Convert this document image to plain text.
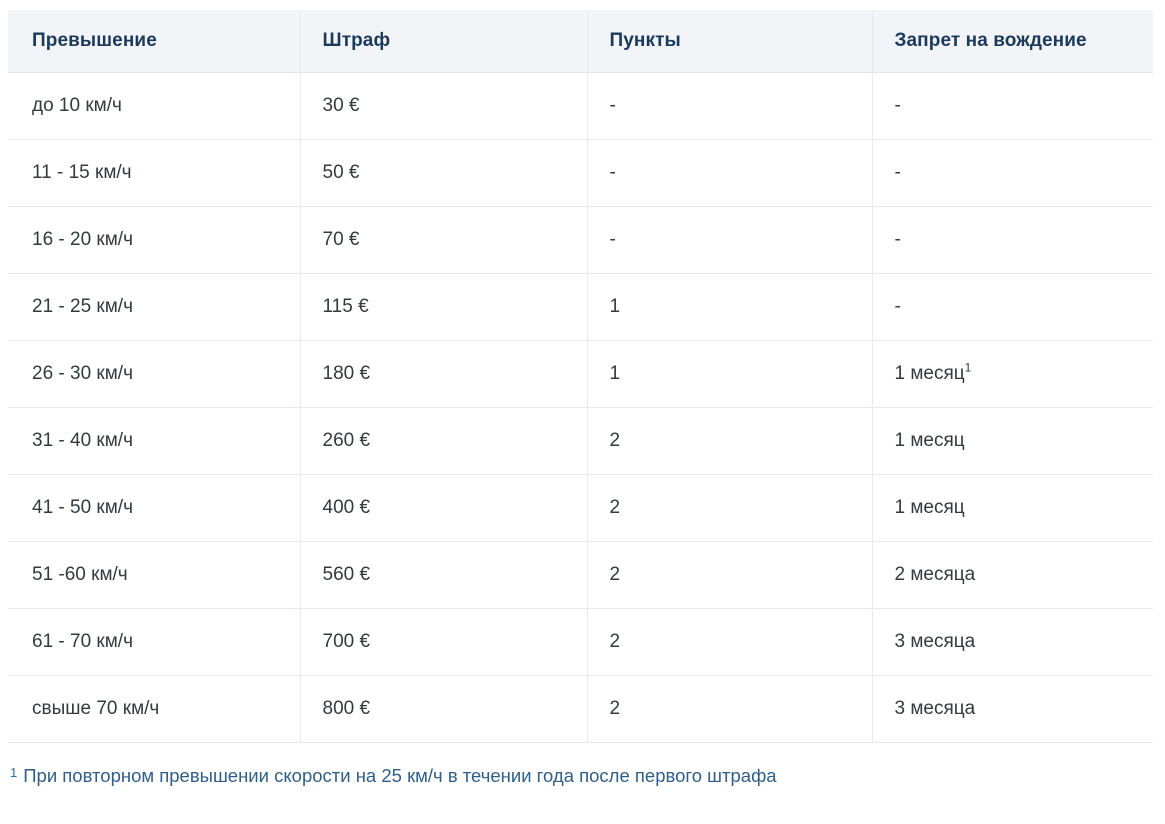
Превышение	Штраф	Пункты	Запрет на вождение
до 10 км/ч	30 €	-	-
11 - 15 км/ч	50 €	-	-
16 - 20 км/ч	70 €	-	-
21 - 25 км/ч	115 €	1	-
26 - 30 км/ч	180 €	1	1 месяц$^1$
31 - 40 км/ч	260 €	2	1 месяц
41 - 50 км/ч	400 €	2	1 месяц
51 -60 км/ч	560 €	2	2 месяца
61 - 70 км/ч	700 €	2	3 месяца
свыше 70 км/ч	800 €	2	3 месяца
1 При повторном превышении скорости на 25 км/ч в течении года после первого штрафа
